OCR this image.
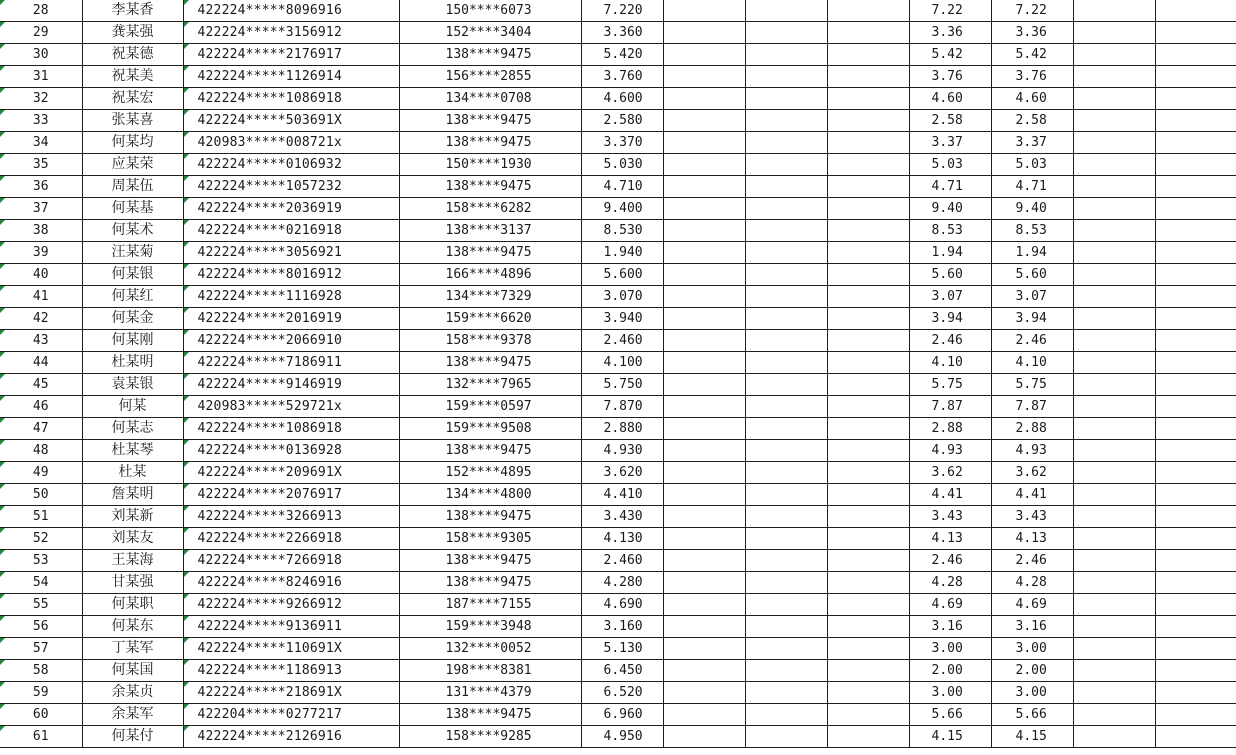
28	李某香	422224*****8096916	150****6073	7.220				7.22	7.22		

29	龚某强	422224*****3156912	152****3404	3.360				3.36	3.36		

30	祝某德	422224*****2176917	138****9475	5.420				5.42	5.42		

31	祝某美	422224*****1126914	156****2855	3.760				3.76	3.76		

32	祝某宏	422224*****1086918	134****0708	4.600				4.60	4.60		

33	张某喜	422224*****503691X	138****9475	2.580				2.58	2.58		

34	何某均	420983*****008721x	138****9475	3.370				3.37	3.37		

35	应某荣	422224*****0106932	150****1930	5.030				5.03	5.03		

36	周某伍	422224*****1057232	138****9475	4.710				4.71	4.71		

37	何某基	422224*****2036919	158****6282	9.400				9.40	9.40		

38	何某术	422224*****0216918	138****3137	8.530				8.53	8.53		

39	汪某菊	422224*****3056921	138****9475	1.940				1.94	1.94		

40	何某银	422224*****8016912	166****4896	5.600				5.60	5.60		

41	何某红	422224*****1116928	134****7329	3.070				3.07	3.07		

42	何某金	422224*****2016919	159****6620	3.940				3.94	3.94		

43	何某刚	422224*****2066910	158****9378	2.460				2.46	2.46		

44	杜某明	422224*****7186911	138****9475	4.100				4.10	4.10		

45	袁某银	422224*****9146919	132****7965	5.750				5.75	5.75		

46	何某	420983*****529721x	159****0597	7.870				7.87	7.87		

47	何某志	422224*****1086918	159****9508	2.880				2.88	2.88		

48	杜某琴	422224*****0136928	138****9475	4.930				4.93	4.93		

49	杜某	422224*****209691X	152****4895	3.620				3.62	3.62		

50	詹某明	422224*****2076917	134****4800	4.410				4.41	4.41		

51	刘某新	422224*****3266913	138****9475	3.430				3.43	3.43		

52	刘某友	422224*****2266918	158****9305	4.130				4.13	4.13		

53	王某海	422224*****7266918	138****9475	2.460				2.46	2.46		

54	甘某强	422224*****8246916	138****9475	4.280				4.28	4.28		

55	何某职	422224*****9266912	187****7155	4.690				4.69	4.69		

56	何某东	422224*****9136911	159****3948	3.160				3.16	3.16		

57	丁某军	422224*****110691X	132****0052	5.130				3.00	3.00		

58	何某国	422224*****1186913	198****8381	6.450				2.00	2.00		

59	余某贞	422224*****218691X	131****4379	6.520				3.00	3.00		

60	余某军	422204*****0277217	138****9475	6.960				5.66	5.66		

61	何某付	422224*****2126916	158****9285	4.950				4.15	4.15		
